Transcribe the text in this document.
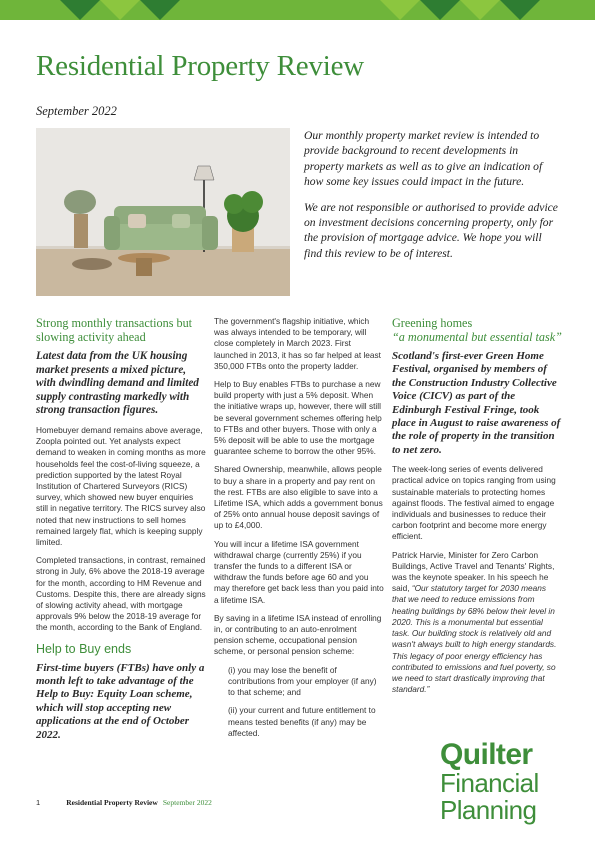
Residential Property Review
September 2022

Our monthly property market review is intended to provide background to recent developments in property markets as well as to give an indication of how some key issues could impact in the future.

We are not responsible or authorised to provide advice on investment decisions concerning property, only for the provision of mortgage advice. We hope you will find this review to be of interest.

Strong monthly transactions but slowing activity ahead

Latest data from the UK housing market presents a mixed picture, with dwindling demand and limited supply contrasting markedly with strong transaction figures.

Homebuyer demand remains above average, Zoopla pointed out. Yet analysts expect demand to weaken in coming months as more households feel the cost-of-living squeeze, a prediction supported by the latest Royal Institution of Chartered Surveyors (RICS) survey, which showed new buyer enquiries still in negative territory. The RICS survey also noted that new instructions to sell homes remained largely flat, which is keeping supply limited.

Completed transactions, in contrast, remained strong in July, 6% above the 2018-19 average for the month, according to HM Revenue and Customs. Despite this, there are already signs of slowing activity ahead, with mortgage approvals 9% below the 2018-19 average for the month, according to the Bank of England.

Help to Buy ends

First-time buyers (FTBs) have only a month left to take advantage of the Help to Buy: Equity Loan scheme, which will stop accepting new applications at the end of October 2022.

The government's flagship initiative, which was always intended to be temporary, will close completely in March 2023. First launched in 2013, it has so far helped at least 350,000 FTBs onto the property ladder.

Help to Buy enables FTBs to purchase a new build property with just a 5% deposit. When the initiative wraps up, however, there will still be several government schemes offering help to FTBs and other buyers. Those with only a 5% deposit will be able to use the mortgage guarantee scheme to borrow the other 95%.

Shared Ownership, meanwhile, allows people to buy a share in a property and pay rent on the rest. FTBs are also eligible to save into a Lifetime ISA, which adds a government bonus of 25% onto annual house deposit savings of up to £4,000.

You will incur a lifetime ISA government withdrawal charge (currently 25%) if you transfer the funds to a different ISA or withdraw the funds before age 60 and you may therefore get back less than you paid into a lifetime ISA.

By saving in a lifetime ISA instead of enrolling in, or contributing to an auto-enrolment pension scheme, occupational pension scheme, or personal pension scheme:

(i) you may lose the benefit of contributions from your employer (if any) to that scheme; and

(ii) your current and future entitlement to means tested benefits (if any) may be affected.

Greening homes
“a monumental but essential task”

Scotland's first-ever Green Home Festival, organised by members of the Construction Industry Collective Voice (CICV) as part of the Edinburgh Festival Fringe, took place in August to raise awareness of the role of property in the transition to net zero.

The week-long series of events delivered practical advice on topics ranging from using sustainable materials to protecting homes against floods. The festival aimed to engage individuals and businesses to reduce their carbon footprint and become more energy efficient.

Patrick Harvie, Minister for Zero Carbon Buildings, Active Travel and Tenants' Rights, was the keynote speaker. In his speech he said, “Our statutory target for 2030 means that we need to reduce emissions from heating buildings by 68% below their level in 2020. This is a monumental but essential task. Our building stock is relatively old and wasn't always built to high energy standards. This legacy of poor energy efficiency has contributed to emissions and fuel poverty, so we need to start drastically improving that standard.”

Quilter
Financial
Planning
1	Residential Property Review September 2022
